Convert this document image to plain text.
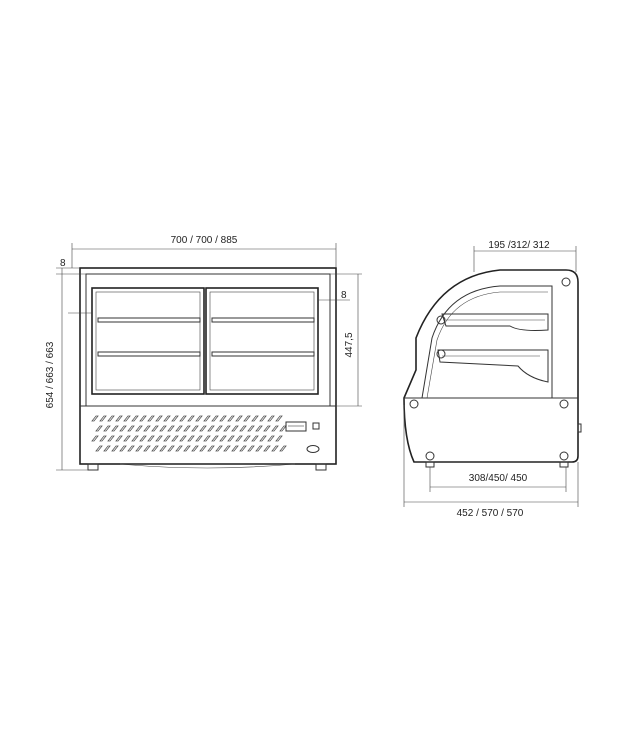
700 / 700 / 885
8
654 / 663 / 663
8
447,5
195 /312/ 312
308/450/ 450
452 / 570 / 570
